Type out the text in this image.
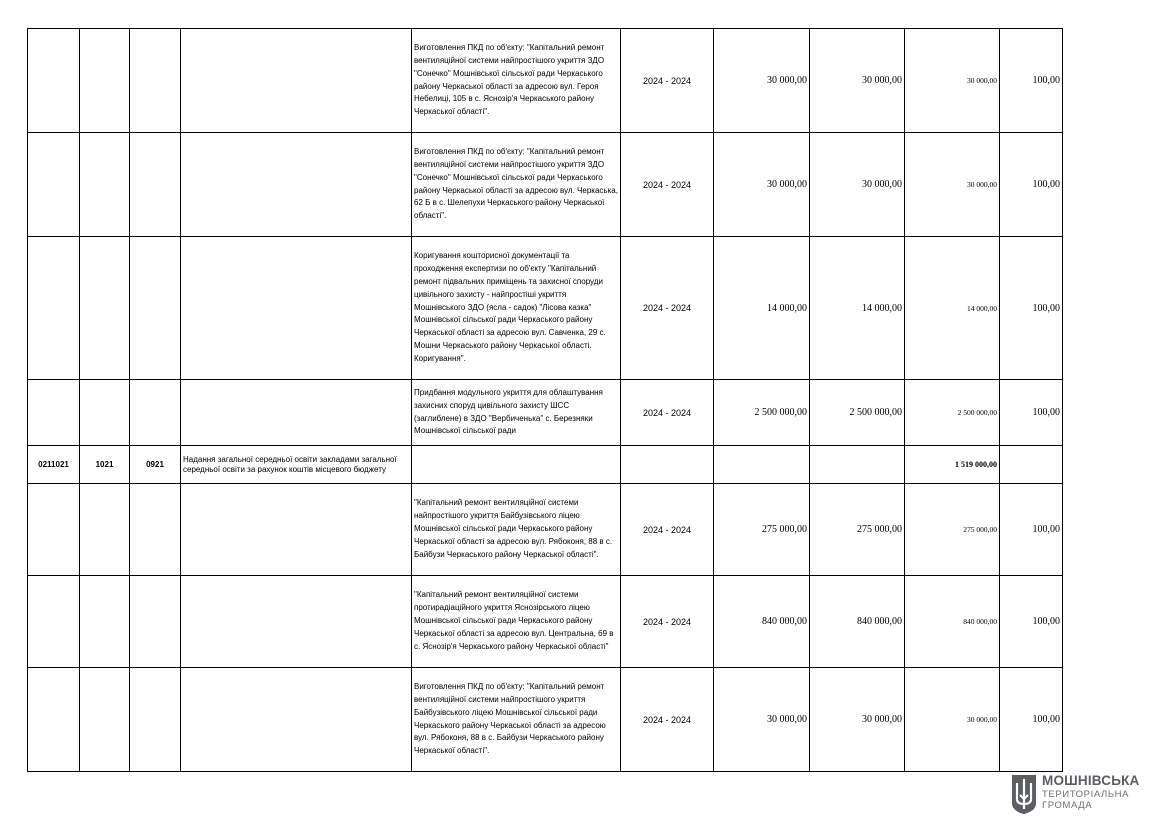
				Виготовлення ПКД по об'єкту: "Капітальний ремонт вентиляційної системи найпростішого укриття ЗДО "Сонечко" Мошнівської сільської ради Черкаського району Черкаської області за адресою вул. Героя Небелиці, 105 в с. Яснозір'я Черкаського району Черкаської області".	2024 - 2024	30 000,00	30 000,00	30 000,00	100,00
				Виготовлення ПКД по об'єкту: "Капітальний ремонт вентиляційної системи найпростішого укриття ЗДО "Сонечко" Мошнівської сільської ради Черкаського району Черкаської області за адресою вул. Черкаська, 62 Б в с. Шелепухи Черкаського району Черкаської області".	2024 - 2024	30 000,00	30 000,00	30 000,00	100,00
				Коригування кошторисної документації та проходження експертизи по об'єкту "Капітальний ремонт підвальних приміщень та захисної споруди цивільного захисту - найпростіші укриття Мошнівського ЗДО (ясла - садок) "Лісова казка" Мошнівської сільської ради Черкаського району Черкаської області за адресою вул. Савченка, 29 с. Мошни Черкаського району Черкаської області. Коригування".	2024 - 2024	14 000,00	14 000,00	14 000,00	100,00
				Придбання модульного укриття для облаштування захисних споруд цивільного захисту ШСС (заглиблене) в ЗДО "Вербиченька" с. Березняки Мошнівської сільської ради	2024 - 2024	2 500 000,00	2 500 000,00	2 500 000,00	100,00
0211021	1021	0921	Надання загальної середньої освіти закладами загальної середньої освіти за рахунок коштів місцевого бюджету					1 519 000,00	
				"Капітальний ремонт вентиляційної системи найпростішого укриття Байбузівського ліцею Мошнівської сільської ради Черкаського району Черкаської області за адресою вул. Рябоконя, 88 в с. Байбузи Черкаського району Черкаської області".	2024 - 2024	275 000,00	275 000,00	275 000,00	100,00
				"Капітальний ремонт вентиляційної системи протирадіаційного укриття Яснозірського ліцею Мошнівської сільської ради Черкаського району Черкаської області за адресою вул. Центральна, 69 в с. Яснозір'я Черкаського району Черкаської області"	2024 - 2024	840 000,00	840 000,00	840 000,00	100,00
				Виготовлення ПКД по об'єкту: "Капітальний ремонт вентиляційної системи найпростішого укриття Байбузівського ліцею Мошнівської сільської ради Черкаського району Черкаської області за адресою вул. Рябоконя, 88 в с. Байбузи Черкаського району Черкаської області".	2024 - 2024	30 000,00	30 000,00	30 000,00	100,00
МОШНІВСЬКА
ТЕРИТОРІАЛЬНА
ГРОМАДА
